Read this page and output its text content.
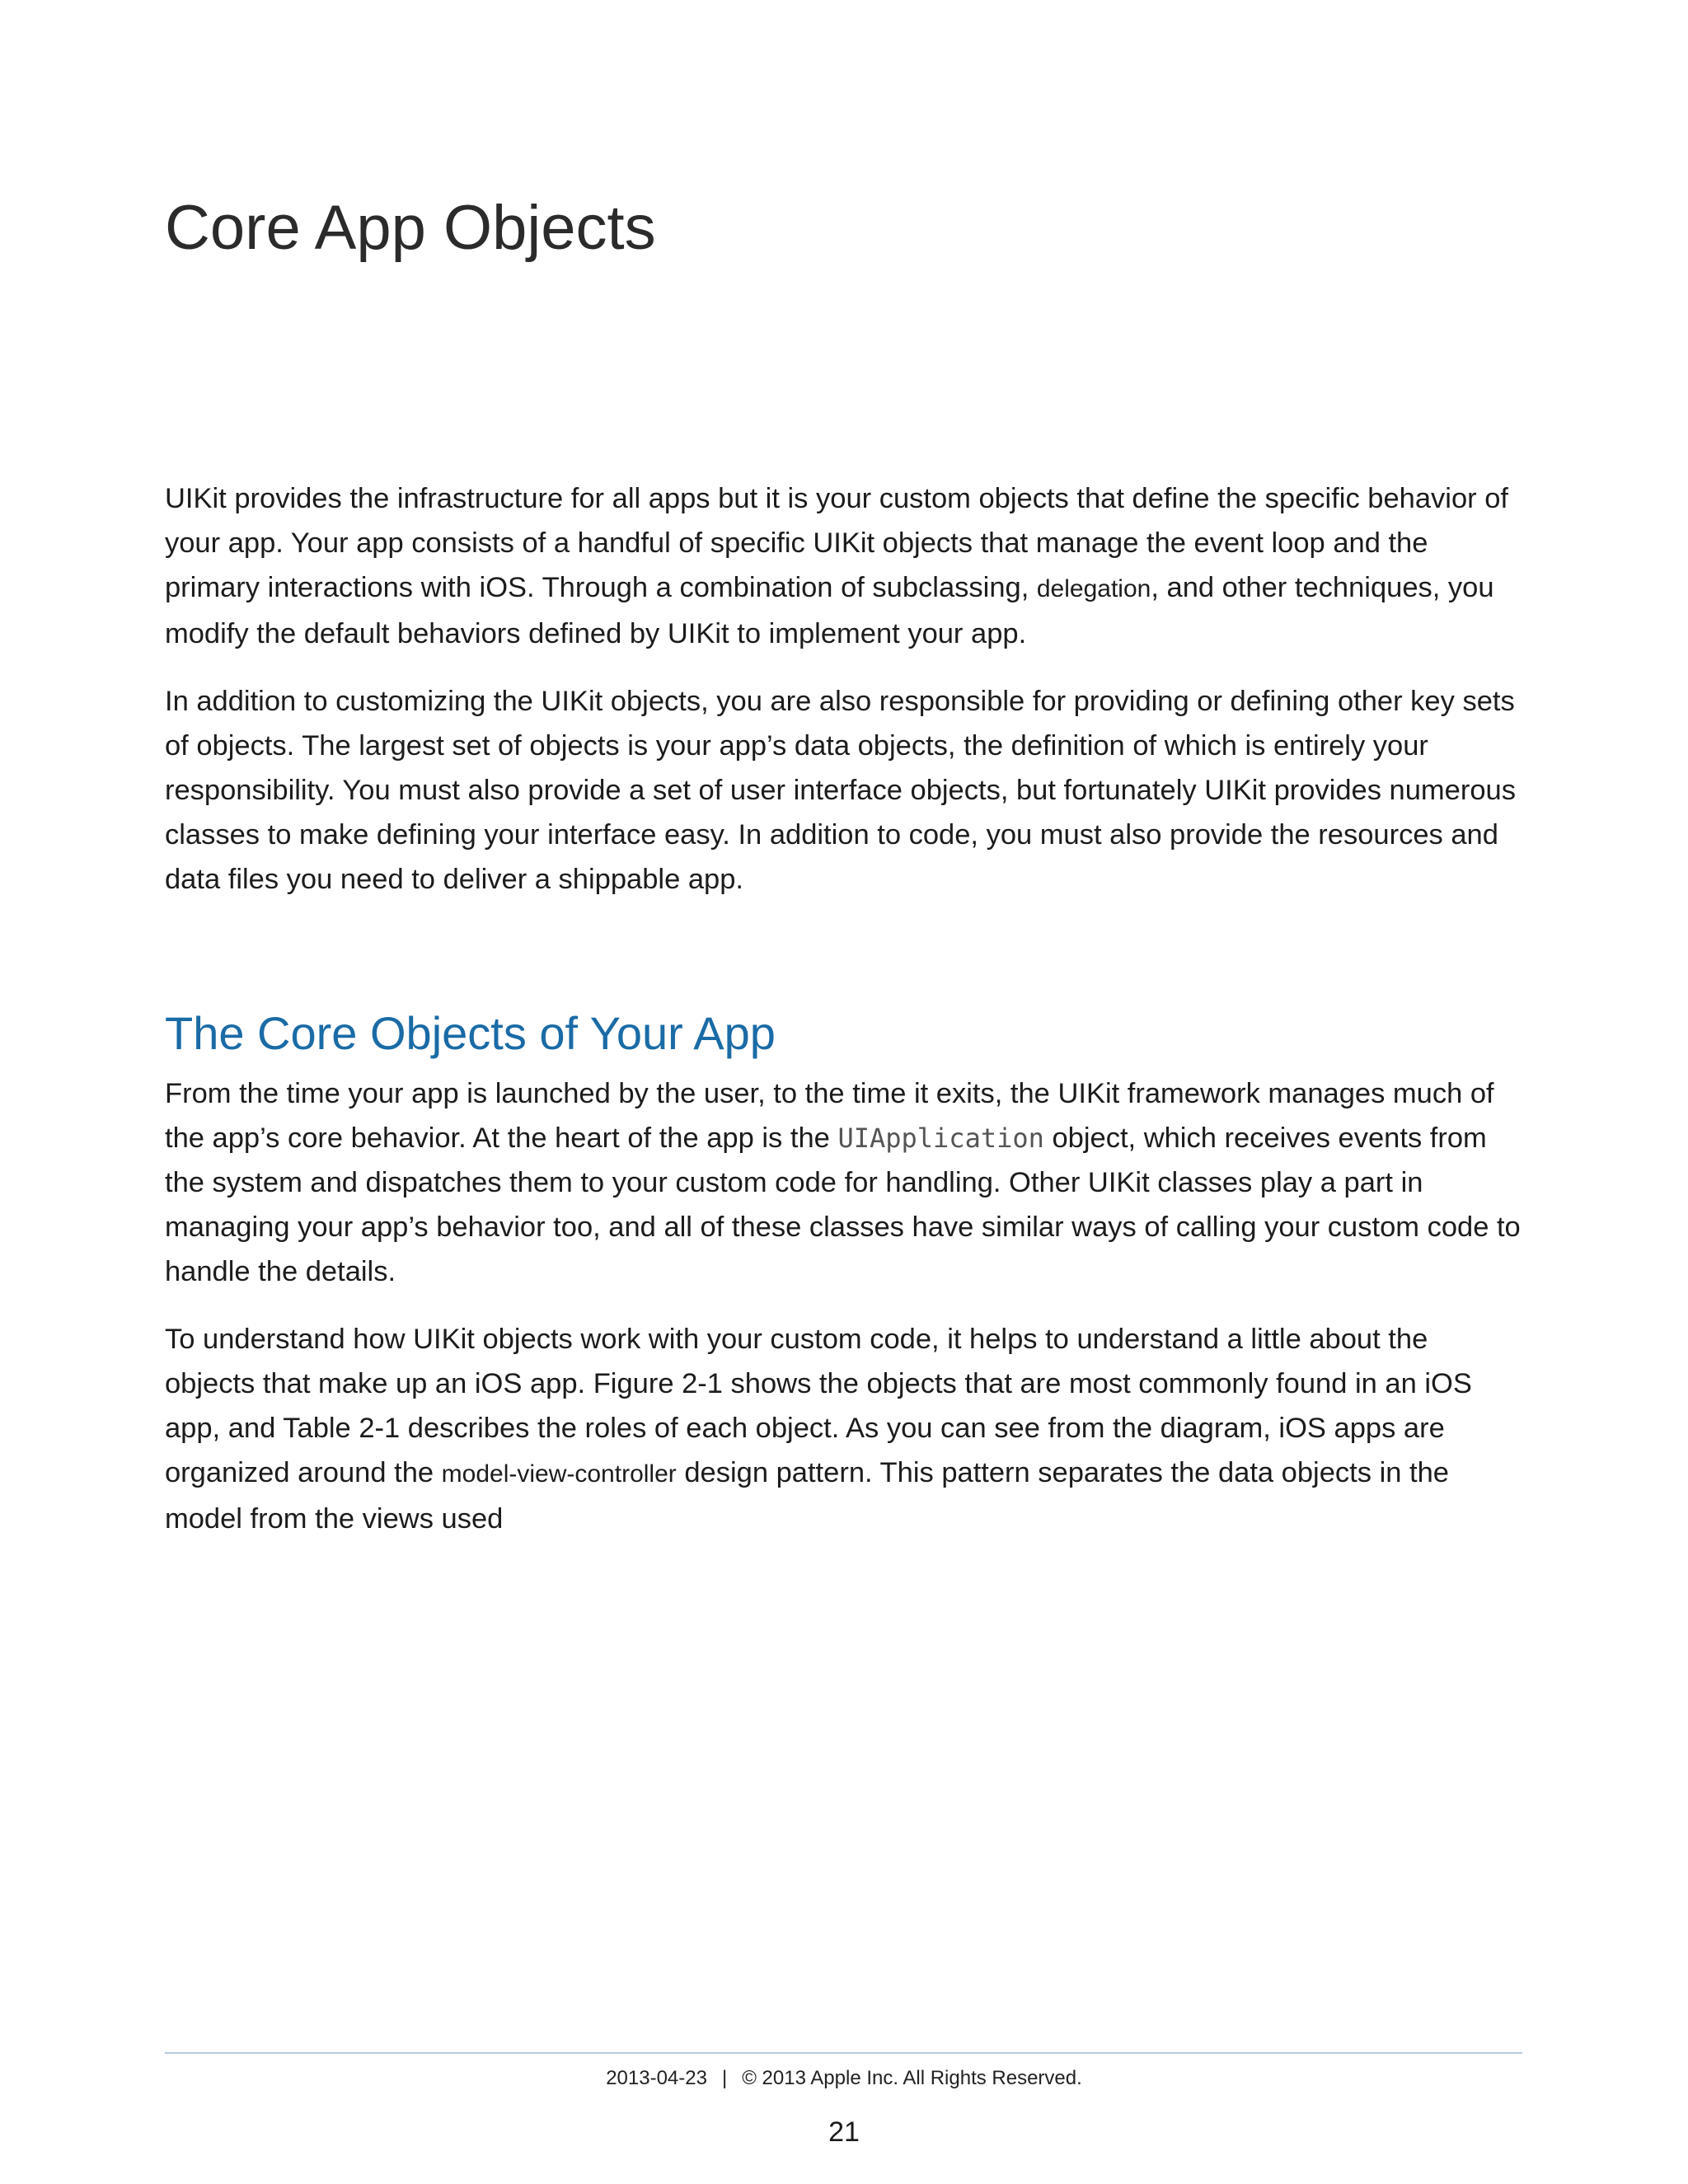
Core App Objects

UIKit provides the infrastructure for all apps but it is your custom objects that define the specific behavior of your app. Your app consists of a handful of specific UIKit objects that manage the event loop and the primary interactions with iOS. Through a combination of subclassing, delegation, and other techniques, you modify the default behaviors defined by UIKit to implement your app.

In addition to customizing the UIKit objects, you are also responsible for providing or defining other key sets of objects. The largest set of objects is your app’s data objects, the definition of which is entirely your responsibility. You must also provide a set of user interface objects, but fortunately UIKit provides numerous classes to make defining your interface easy. In addition to code, you must also provide the resources and data files you need to deliver a shippable app.

The Core Objects of Your App

From the time your app is launched by the user, to the time it exits, the UIKit framework manages much of the app’s core behavior. At the heart of the app is the UIApplication object, which receives events from the system and dispatches them to your custom code for handling. Other UIKit classes play a part in managing your app’s behavior too, and all of these classes have similar ways of calling your custom code to handle the details.

To understand how UIKit objects work with your custom code, it helps to understand a little about the objects that make up an iOS app. Figure 2-1 shows the objects that are most commonly found in an iOS app, and Table 2-1 describes the roles of each object. As you can see from the diagram, iOS apps are organized around the model-view-controller design pattern. This pattern separates the data objects in the model from the views used

2013-04-23 | © 2013 Apple Inc. All Rights Reserved.
21
